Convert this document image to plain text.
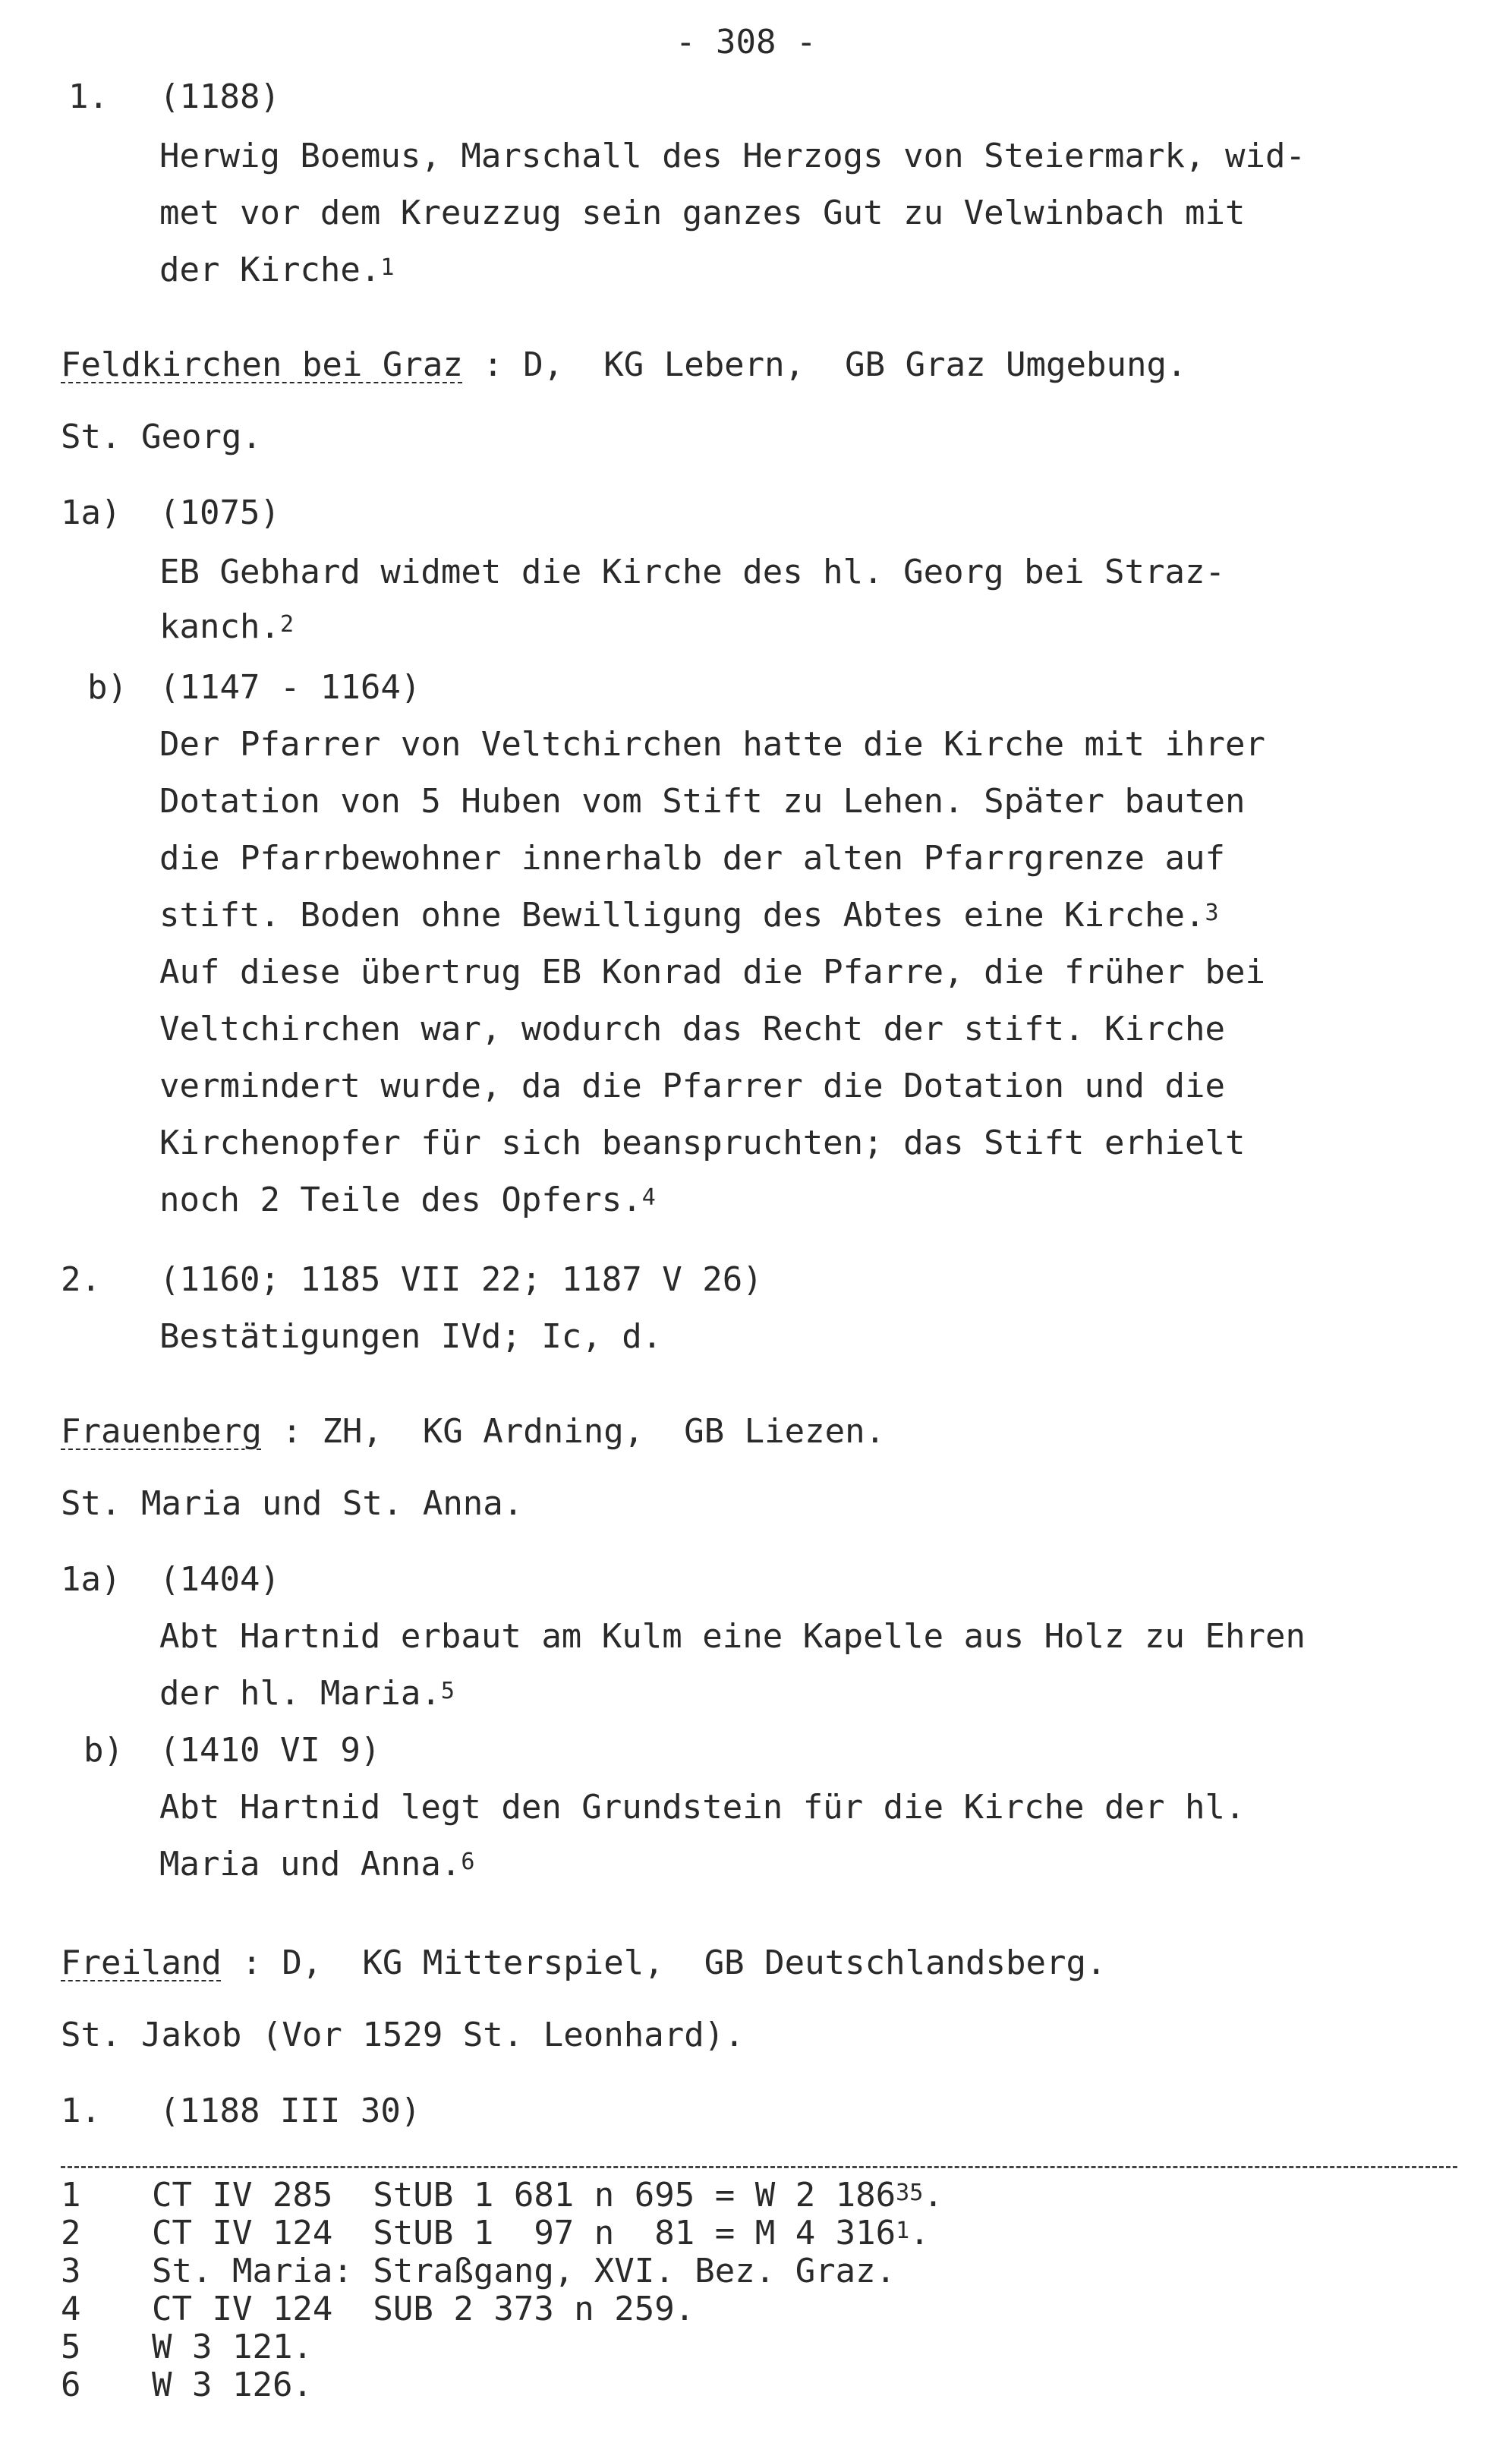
- 308 -
1. (1188)
Herwig Boemus, Marschall des Herzogs von Steiermark, wid-
met vor dem Kreuzzug sein ganzes Gut zu Velwinbach mit
der Kirche.$^1$
Feldkirchen bei Graz : D,  KG Lebern,  GB Graz Umgebung.
St. Georg.
1a) (1075)
EB Gebhard widmet die Kirche des hl. Georg bei Straz-
kanch.$^2$
b) (1147 - 1164)
Der Pfarrer von Veltchirchen hatte die Kirche mit ihrer
Dotation von 5 Huben vom Stift zu Lehen. Später bauten
die Pfarrbewohner innerhalb der alten Pfarrgrenze auf
stift. Boden ohne Bewilligung des Abtes eine Kirche.$^3$
Auf diese übertrug EB Konrad die Pfarre, die früher bei
Veltchirchen war, wodurch das Recht der stift. Kirche
vermindert wurde, da die Pfarrer die Dotation und die
Kirchenopfer für sich beanspruchten; das Stift erhielt
noch 2 Teile des Opfers.$^4$
2. (1160; 1185 VII 22; 1187 V 26)
Bestätigungen IVd; Ic, d.
Frauenberg : ZH,  KG Ardning,  GB Liezen.
St. Maria und St. Anna.
1a) (1404)
Abt Hartnid erbaut am Kulm eine Kapelle aus Holz zu Ehren
der hl. Maria.$^5$
b) (1410 VI 9)
Abt Hartnid legt den Grundstein für die Kirche der hl.
Maria und Anna.$^6$
Freiland : D,  KG Mitterspiel,  GB Deutschlandsberg.
St. Jakob (Vor 1529 St. Leonhard).
1. (1188 III 30)
1 CT IV 285  StUB 1 681 n 695 = W 2 $186^{35}$.
2 CT IV 124  StUB 1  97 n  81 = M 4 $316^1$.
3 St. Maria: Straßgang, XVI. Bez. Graz.
4 CT IV 124  SUB 2 373 n 259.
5 W 3 121.
6 W 3 126.
